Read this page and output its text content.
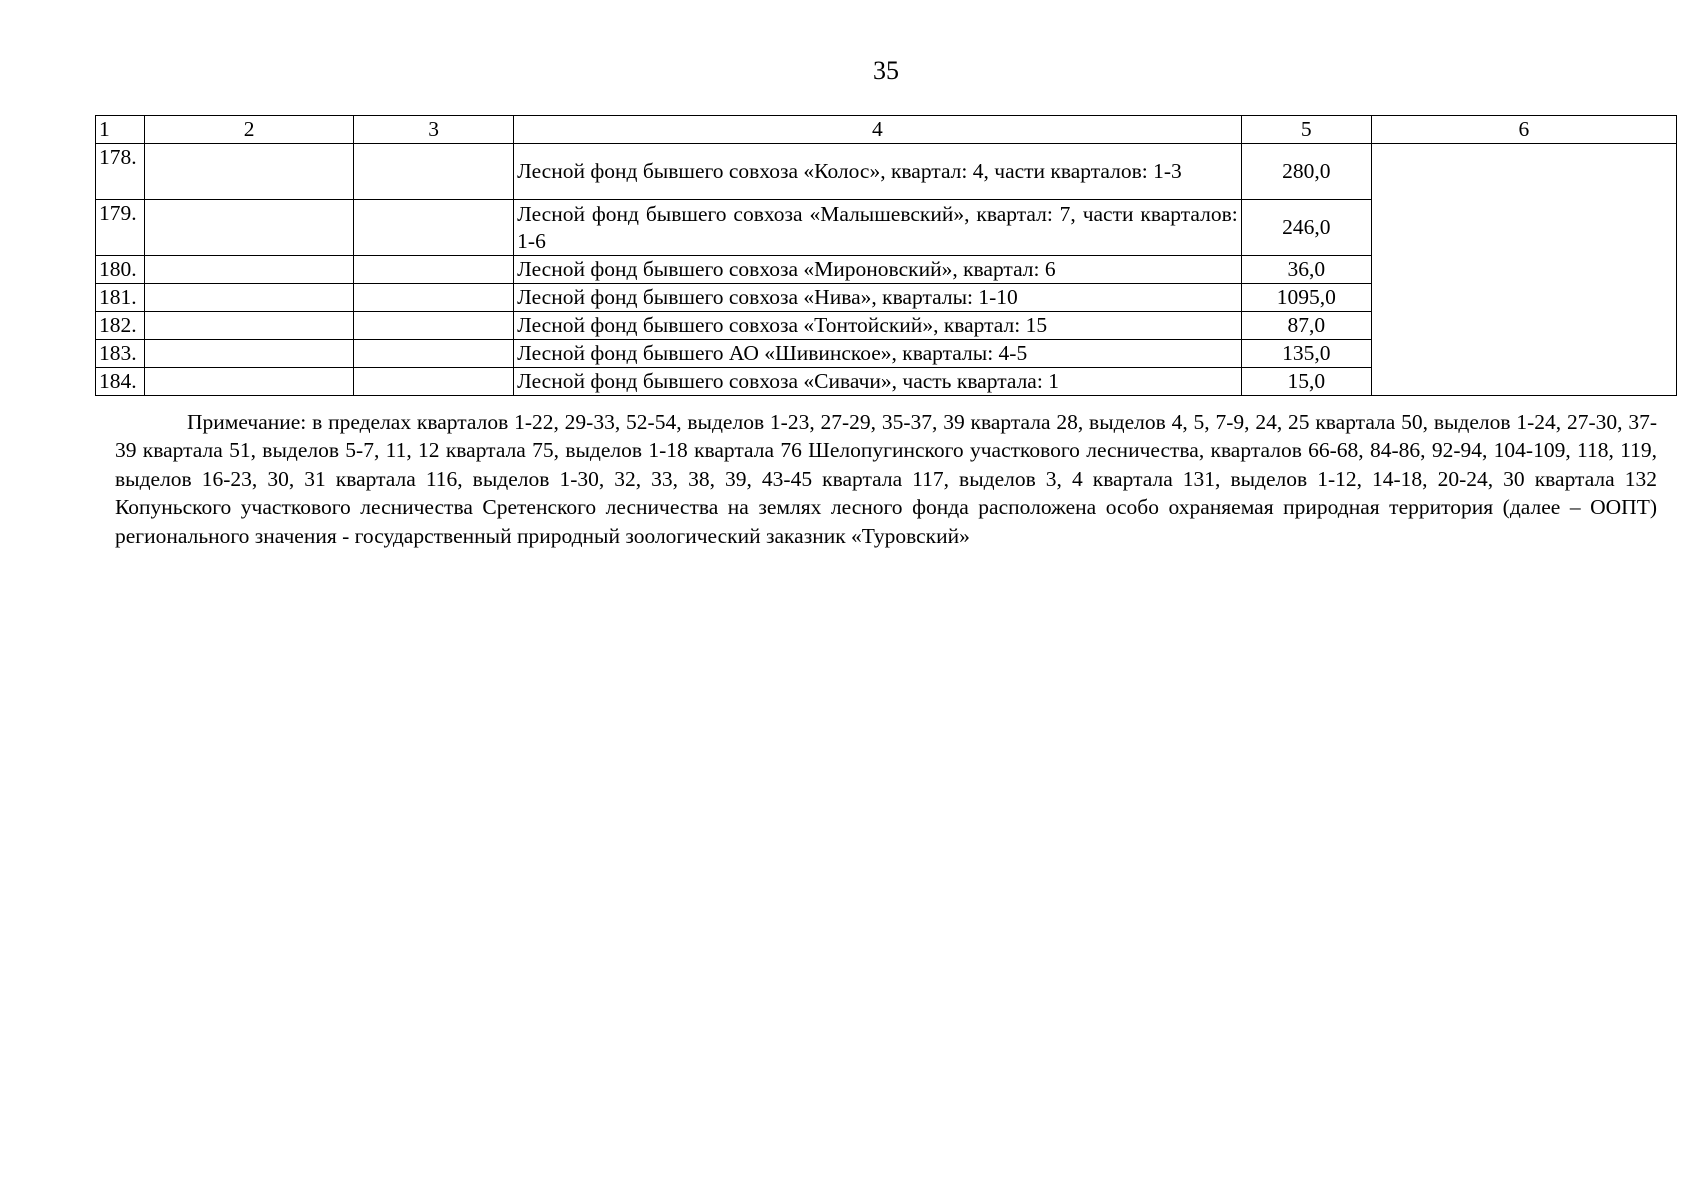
35
1	2	3	4	5	6
178.			Лесной фонд бывшего совхоза «Колос», квартал: 4, части кварталов: 1-3	280,0	
179.			Лесной фонд бывшего совхоза «Малышевский», квартал: 7, части кварталов: 1-6	246,0	
180.			Лесной фонд бывшего совхоза «Мироновский», квартал: 6	36,0	
181.			Лесной фонд бывшего совхоза «Нива», кварталы: 1-10	1095,0	
182.			Лесной фонд бывшего совхоза «Тонтойский», квартал: 15	87,0	
183.			Лесной фонд бывшего АО «Шивинское», кварталы: 4-5	135,0	
184.			Лесной фонд бывшего совхоза «Сивачи», часть квартала: 1	15,0	
Примечание: в пределах кварталов 1-22, 29-33, 52-54, выделов 1-23, 27-29, 35-37, 39 квартала 28, выделов 4, 5, 7-9, 24, 25 квартала 50, выделов 1-24, 27-30, 37-39 квартала 51, выделов 5-7, 11, 12 квартала 75, выделов 1-18 квартала 76 Шелопугинского участкового лесничества, кварталов 66-68, 84-86, 92-94, 104-109, 118, 119, выделов 16-23, 30, 31 квартала 116, выделов 1-30, 32, 33, 38, 39, 43-45 квартала 117, выделов 3, 4 квартала 131, выделов 1-12, 14-18, 20-24, 30 квартала 132 Копуньского участкового лесничества Сретенского лесничества на землях лесного фонда расположена особо охраняемая природная территория (далее – ООПТ) регионального значения - государственный природный зоологический заказник «Туровский»
